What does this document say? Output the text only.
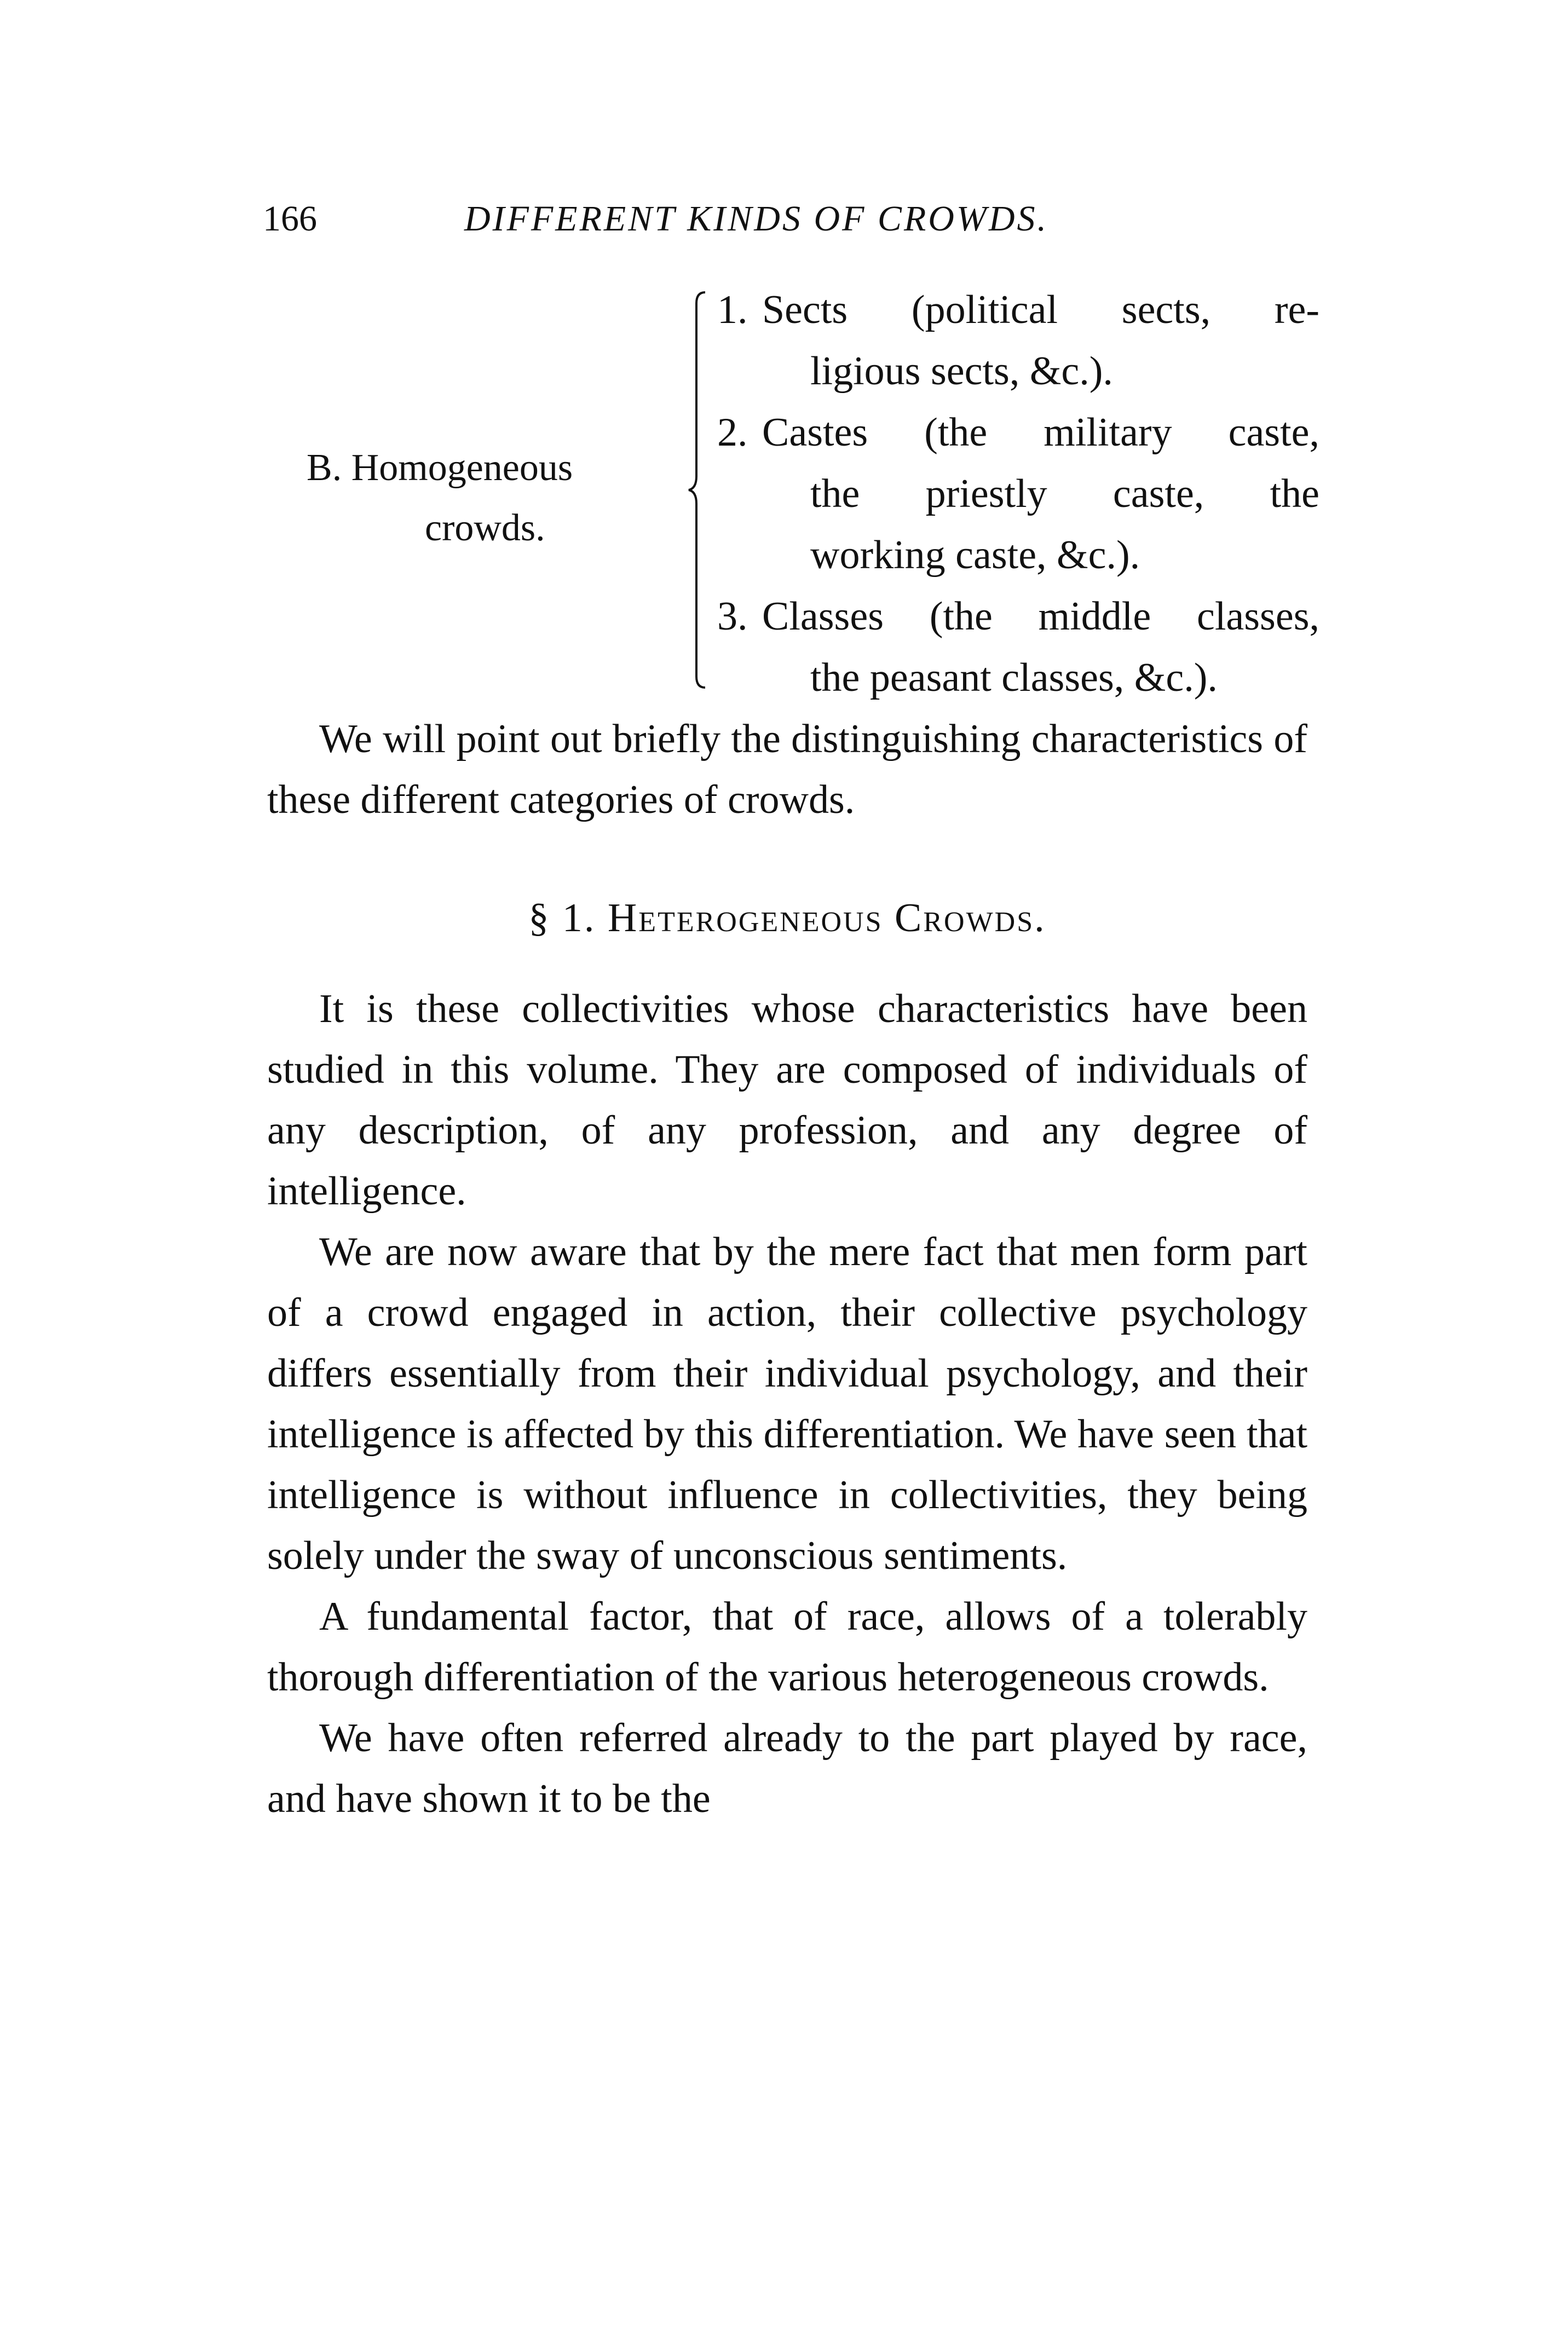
166	DIFFERENT KINDS OF CROWDS.
B. Homogeneous
crowds.
1. Sects (political sects, re-
ligious sects, &c.).
2. Castes (the military caste,
the priestly caste, the
working caste, &c.).
3. Classes (the middle classes,
the peasant classes, &c.).

We will point out briefly the distinguishing characteristics of these different categories of crowds.

§ 1. Heterogeneous Crowds.

It is these collectivities whose characteristics have been studied in this volume. They are composed of individuals of any description, of any profession, and any degree of intelligence.

We are now aware that by the mere fact that men form part of a crowd engaged in action, their collective psychology differs essentially from their individual psychology, and their intelligence is affected by this differentiation. We have seen that intelligence is without influence in collectivities, they being solely under the sway of unconscious sentiments.

A fundamental factor, that of race, allows of a tolerably thorough differentiation of the various heterogeneous crowds.

We have often referred already to the part played by race, and have shown it to be the
